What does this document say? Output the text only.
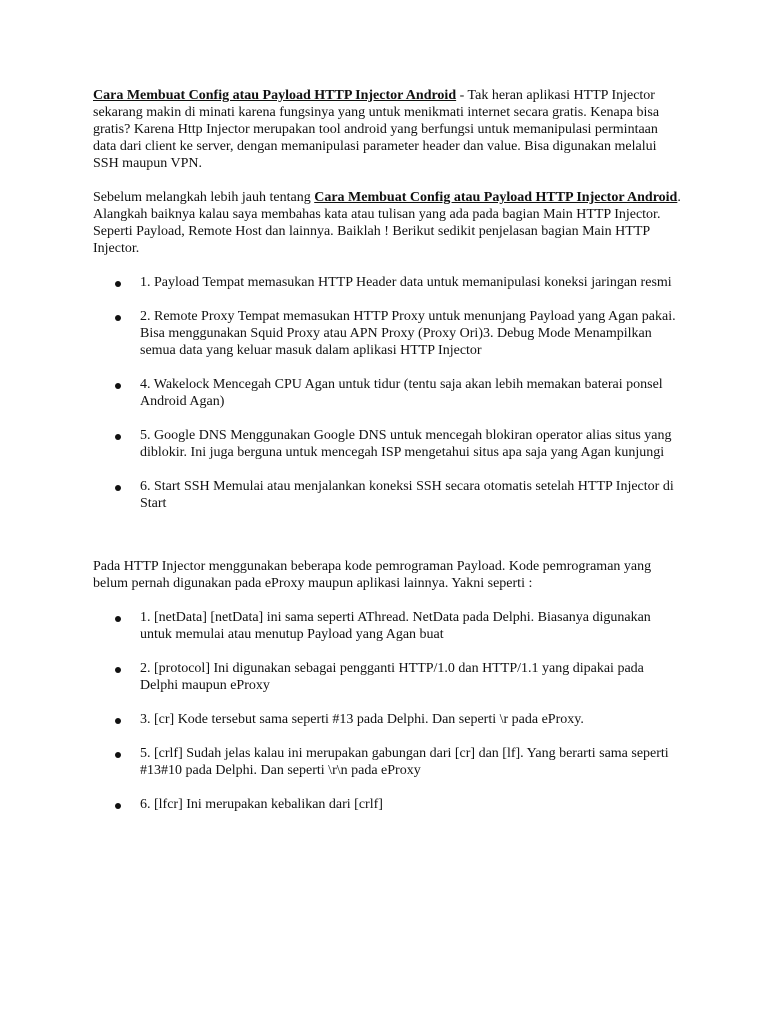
Cara Membuat Config atau Payload HTTP Injector Android - Tak heran aplikasi HTTP Injector sekarang makin di minati karena fungsinya yang untuk menikmati internet secara gratis. Kenapa bisa gratis? Karena Http Injector merupakan tool android yang berfungsi untuk memanipulasi permintaan data dari client ke server, dengan memanipulasi parameter header dan value. Bisa digunakan melalui SSH maupun VPN.

Sebelum melangkah lebih jauh tentang Cara Membuat Config atau Payload HTTP Injector Android. Alangkah baiknya kalau saya membahas kata atau tulisan yang ada pada bagian Main HTTP Injector. Seperti Payload, Remote Host dan lainnya. Baiklah ! Berikut sedikit penjelasan bagian Main HTTP Injector.

1. Payload Tempat memasukan HTTP Header data untuk memanipulasi koneksi jaringan resmi
2. Remote Proxy Tempat memasukan HTTP Proxy untuk menunjang Payload yang Agan pakai. Bisa menggunakan Squid Proxy atau APN Proxy (Proxy Ori)3. Debug Mode Menampilkan semua data yang keluar masuk dalam aplikasi HTTP Injector
4. Wakelock Mencegah CPU Agan untuk tidur (tentu saja akan lebih memakan baterai ponsel Android Agan)
5. Google DNS Menggunakan Google DNS untuk mencegah blokiran operator alias situs yang diblokir. Ini juga berguna untuk mencegah ISP mengetahui situs apa saja yang Agan kunjungi
6. Start SSH Memulai atau menjalankan koneksi SSH secara otomatis setelah HTTP Injector di Start

Pada HTTP Injector menggunakan beberapa kode pemrograman Payload. Kode pemrograman yang belum pernah digunakan pada eProxy maupun aplikasi lainnya. Yakni seperti :

1. [netData] [netData] ini sama seperti AThread. NetData pada Delphi. Biasanya digunakan untuk memulai atau menutup Payload yang Agan buat
2. [protocol] Ini digunakan sebagai pengganti HTTP/1.0 dan HTTP/1.1 yang dipakai pada Delphi maupun eProxy
3. [cr] Kode tersebut sama seperti #13 pada Delphi. Dan seperti \r pada eProxy.
5. [crlf] Sudah jelas kalau ini merupakan gabungan dari [cr] dan [lf]. Yang berarti sama seperti #13#10 pada Delphi. Dan seperti \r\n pada eProxy
6. [lfcr] Ini merupakan kebalikan dari [crlf]
